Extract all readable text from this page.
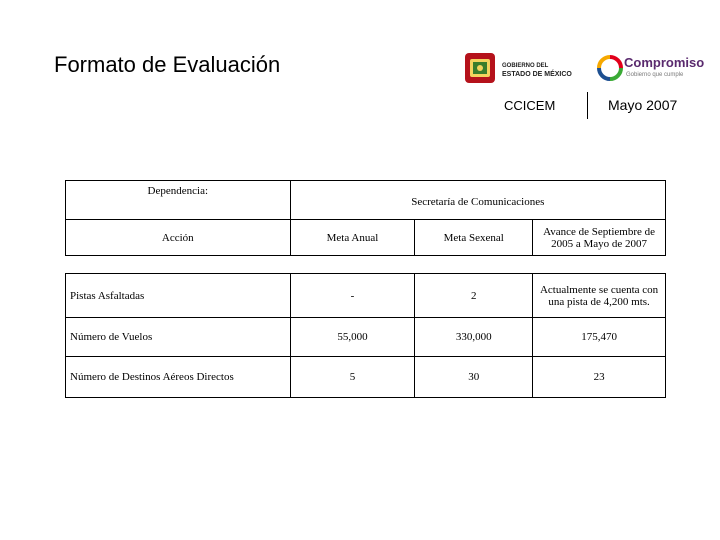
Formato de Evaluación	GOBIERNO DEL
ESTADO DE MÉXICO
Compromiso
Gobierno que cumple
CCICEM	Mayo 2007
Dependencia:	Secretaría de Comunicaciones		
Acción	Meta Anual	Meta Sexenal	Avance de Septiembre de 2005 a Mayo de 2007

Pistas Asfaltadas	-	2	Actualmente se cuenta con una pista de 4,200 mts.
Número de Vuelos	55,000	330,000	175,470
Número de Destinos Aéreos Directos	5	30	23
